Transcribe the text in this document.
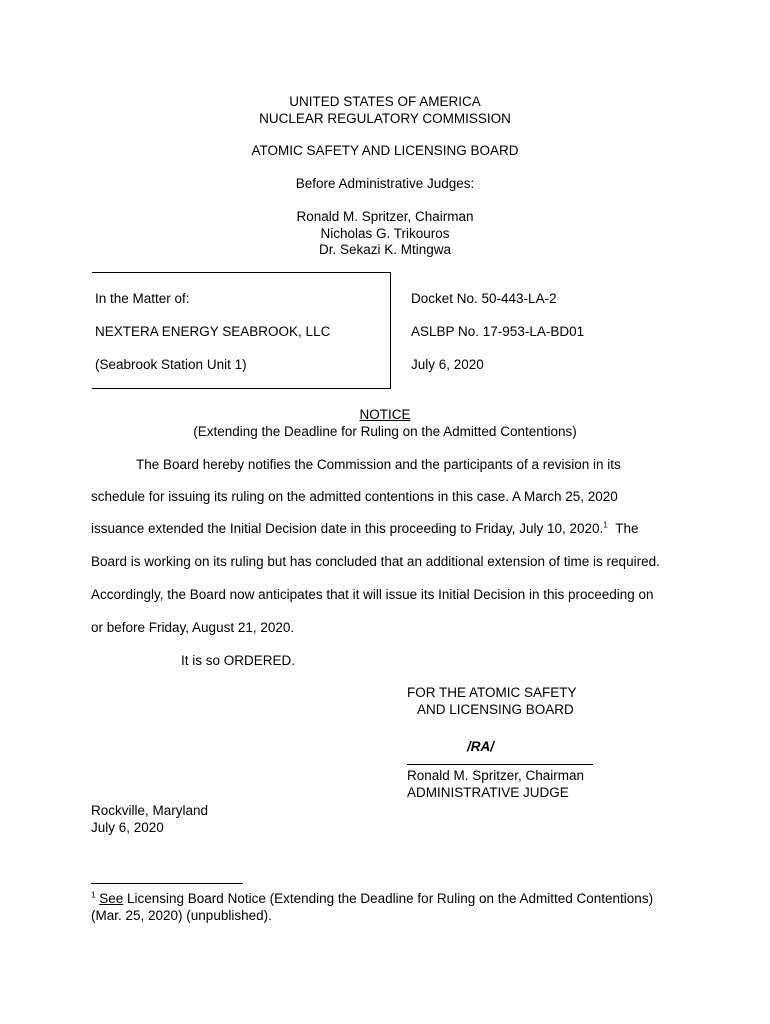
UNITED STATES OF AMERICA
NUCLEAR REGULATORY COMMISSION
ATOMIC SAFETY AND LICENSING BOARD
Before Administrative Judges:
Ronald M. Spritzer, Chairman
Nicholas G. Trikouros
Dr. Sekazi K. Mtingwa
In the Matter of:
NEXTERA ENERGY SEABROOK, LLC
(Seabrook Station Unit 1)
Docket No. 50-443-LA-2
ASLBP No. 17-953-LA-BD01
July 6, 2020
NOTICE
(Extending the Deadline for Ruling on the Admitted Contentions)
The Board hereby notifies the Commission and the participants of a revision in its
schedule for issuing its ruling on the admitted contentions in this case. A March 25, 2020
issuance extended the Initial Decision date in this proceeding to Friday, July 10, 2020.$^1$ The
Board is working on its ruling but has concluded that an additional extension of time is required.
Accordingly, the Board now anticipates that it will issue its Initial Decision in this proceeding on
or before Friday, August 21, 2020.
It is so ORDERED.
FOR THE ATOMIC SAFETY
AND LICENSING BOARD
/RA/
Ronald M. Spritzer, Chairman
ADMINISTRATIVE JUDGE
Rockville, Maryland
July 6, 2020
$^1$ See Licensing Board Notice (Extending the Deadline for Ruling on the Admitted Contentions)
(Mar. 25, 2020) (unpublished).
